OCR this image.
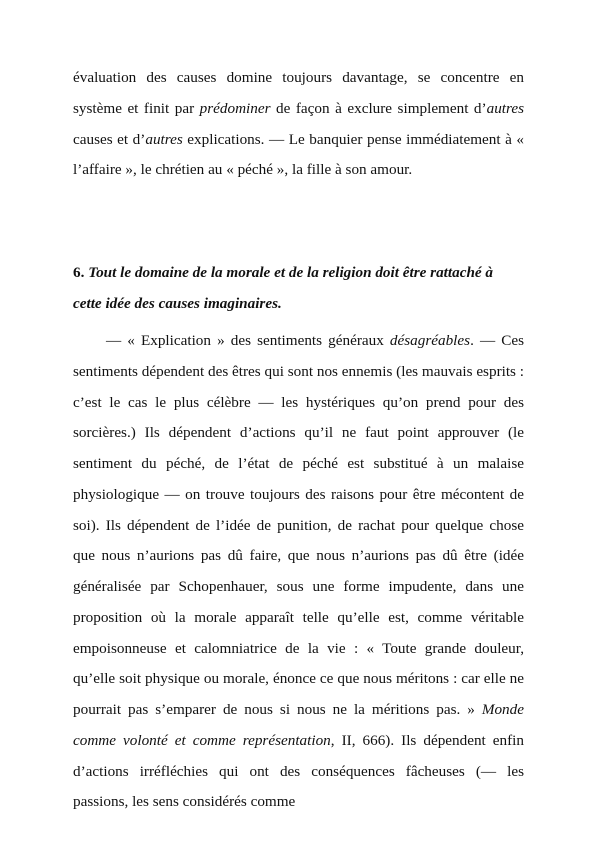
évaluation des causes domine toujours davantage, se concentre en système et finit par prédominer de façon à exclure simplement d’autres causes et d’autres explications. — Le banquier pense immédiatement à « l’affaire », le chrétien au « péché », la fille à son amour.

6. Tout le domaine de la morale et de la religion doit être rattaché à cette idée des causes imaginaires.

— « Explication » des sentiments généraux désagréables. — Ces sentiments dépendent des êtres qui sont nos ennemis (les mauvais esprits : c’est le cas le plus célèbre — les hystériques qu’on prend pour des sorcières.) Ils dépendent d’actions qu’il ne faut point approuver (le sentiment du péché, de l’état de péché est substitué à un malaise physiologique — on trouve toujours des raisons pour être mécontent de soi). Ils dépendent de l’idée de punition, de rachat pour quelque chose que nous n’aurions pas dû faire, que nous n’aurions pas dû être (idée généralisée par Schopenhauer, sous une forme impudente, dans une proposition où la morale apparaît telle qu’elle est, comme véritable empoisonneuse et calomniatrice de la vie : « Toute grande douleur, qu’elle soit physique ou morale, énonce ce que nous méritons : car elle ne pourrait pas s’emparer de nous si nous ne la méritions pas. » Monde comme volonté et comme représentation, II, 666). Ils dépendent enfin d’actions irréfléchies qui ont des conséquences fâcheuses (— les passions, les sens considérés comme
